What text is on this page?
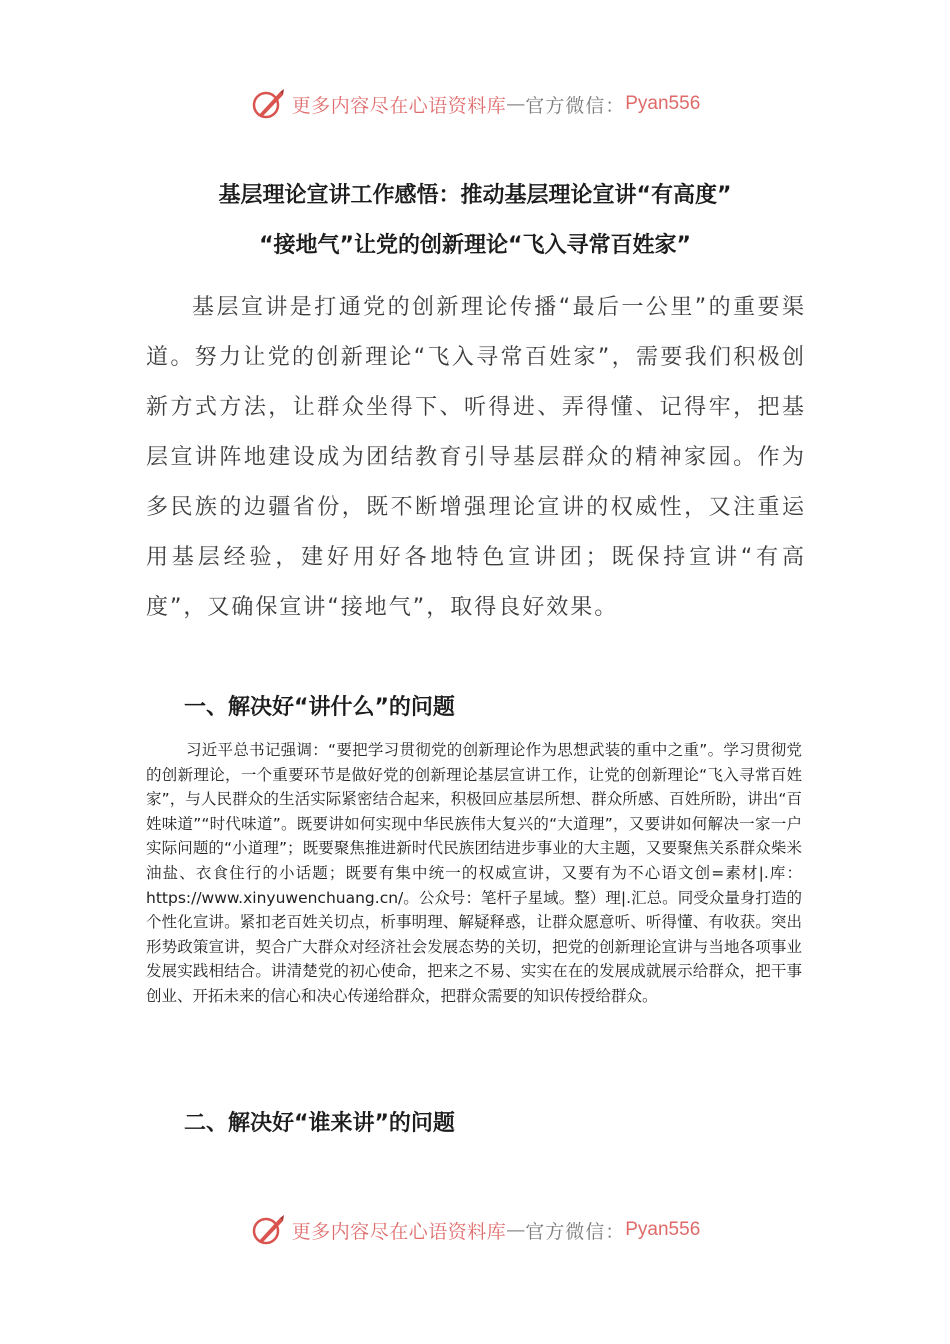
更多内容尽在心语资料库 — 官方微信： Pyan556
基层理论宣讲工作感悟：推动基层理论宣讲“有高度”
“接地气”让党的创新理论“飞入寻常百姓家”
基层宣讲是打通党的创新理论传播“最后一公里”的重要渠道。努力让党的创新理论“飞入寻常百姓家”，需要我们积极创新方式方法，让群众坐得下、听得进、弄得懂、记得牢，把基层宣讲阵地建设成为团结教育引导基层群众的精神家园。作为多民族的边疆省份，既不断增强理论宣讲的权威性，又注重运用基层经验，建好用好各地特色宣讲团；既保持宣讲“有高度”，又确保宣讲“接地气”，取得良好效果。
一、解决好“讲什么”的问题
习近平总书记强调：“要把学习贯彻党的创新理论作为思想武装的重中之重”。学习贯彻党的创新理论，一个重要环节是做好党的创新理论基层宣讲工作，让党的创新理论“飞入寻常百姓家”，与人民群众的生活实际紧密结合起来，积极回应基层所想、群众所感、百姓所盼，讲出“百姓味道”“时代味道”。既要讲如何实现中华民族伟大复兴的“大道理”，又要讲如何解决一家一户实际问题的“小道理”；既要聚焦推进新时代民族团结进步事业的大主题，又要聚焦关系群众柴米油盐、衣食住行的小话题；既要有集中统一的权威宣讲，又要有为不心语文创=素材|.库：https://www.xinyuwenchuang.cn/。公众号：笔杆子星域。整）理|.汇总。同受众量身打造的个性化宣讲。紧扣老百姓关切点，析事明理、解疑释惑，让群众愿意听、听得懂、有收获。突出形势政策宣讲，契合广大群众对经济社会发展态势的关切，把党的创新理论宣讲与当地各项事业发展实践相结合。讲清楚党的初心使命，把来之不易、实实在在的发展成就展示给群众，把干事创业、开拓未来的信心和决心传递给群众，把群众需要的知识传授给群众。
二、解决好“谁来讲”的问题
更多内容尽在心语资料库 — 官方微信： Pyan556
